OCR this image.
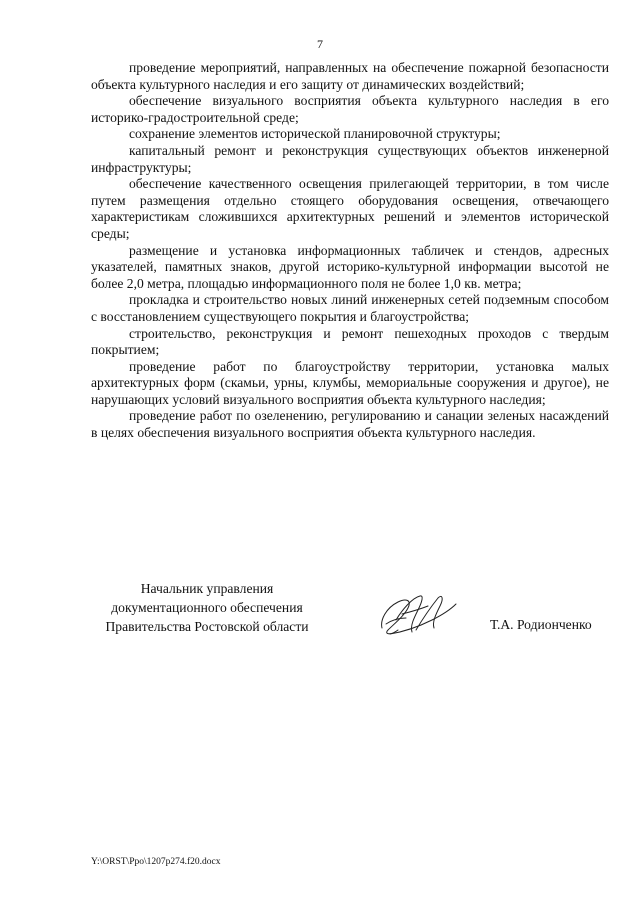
7

проведение мероприятий, направленных на обеспечение пожарной безопасности объекта культурного наследия и его защиту от динамических воздействий;

обеспечение визуального восприятия объекта культурного наследия в его историко-градостроительной среде;

сохранение элементов исторической планировочной структуры;

капитальный ремонт и реконструкция существующих объектов инженерной инфраструктуры;

обеспечение качественного освещения прилегающей территории, в том числе путем размещения отдельно стоящего оборудования освещения, отвечающего характеристикам сложившихся архитектурных решений и элементов исторической среды;

размещение и установка информационных табличек и стендов, адресных указателей, памятных знаков, другой историко-культурной информации высотой не более 2,0 метра, площадью информационного поля не более 1,0 кв. метра;

прокладка и строительство новых линий инженерных сетей подземным способом с восстановлением существующего покрытия и благоустройства;

строительство, реконструкция и ремонт пешеходных проходов с твердым покрытием;

проведение работ по благоустройству территории, установка малых архитектурных форм (скамьи, урны, клумбы, мемориальные сооружения и другое), не нарушающих условий визуального восприятия объекта культурного наследия;

проведение работ по озеленению, регулированию и санации зеленых насаждений в целях обеспечения визуального восприятия объекта культурного наследия.

Начальник управления
документационного обеспечения
Правительства Ростовской области	Т.А. Родионченко
Y:\ORST\Ppo\1207p274.f20.docx
